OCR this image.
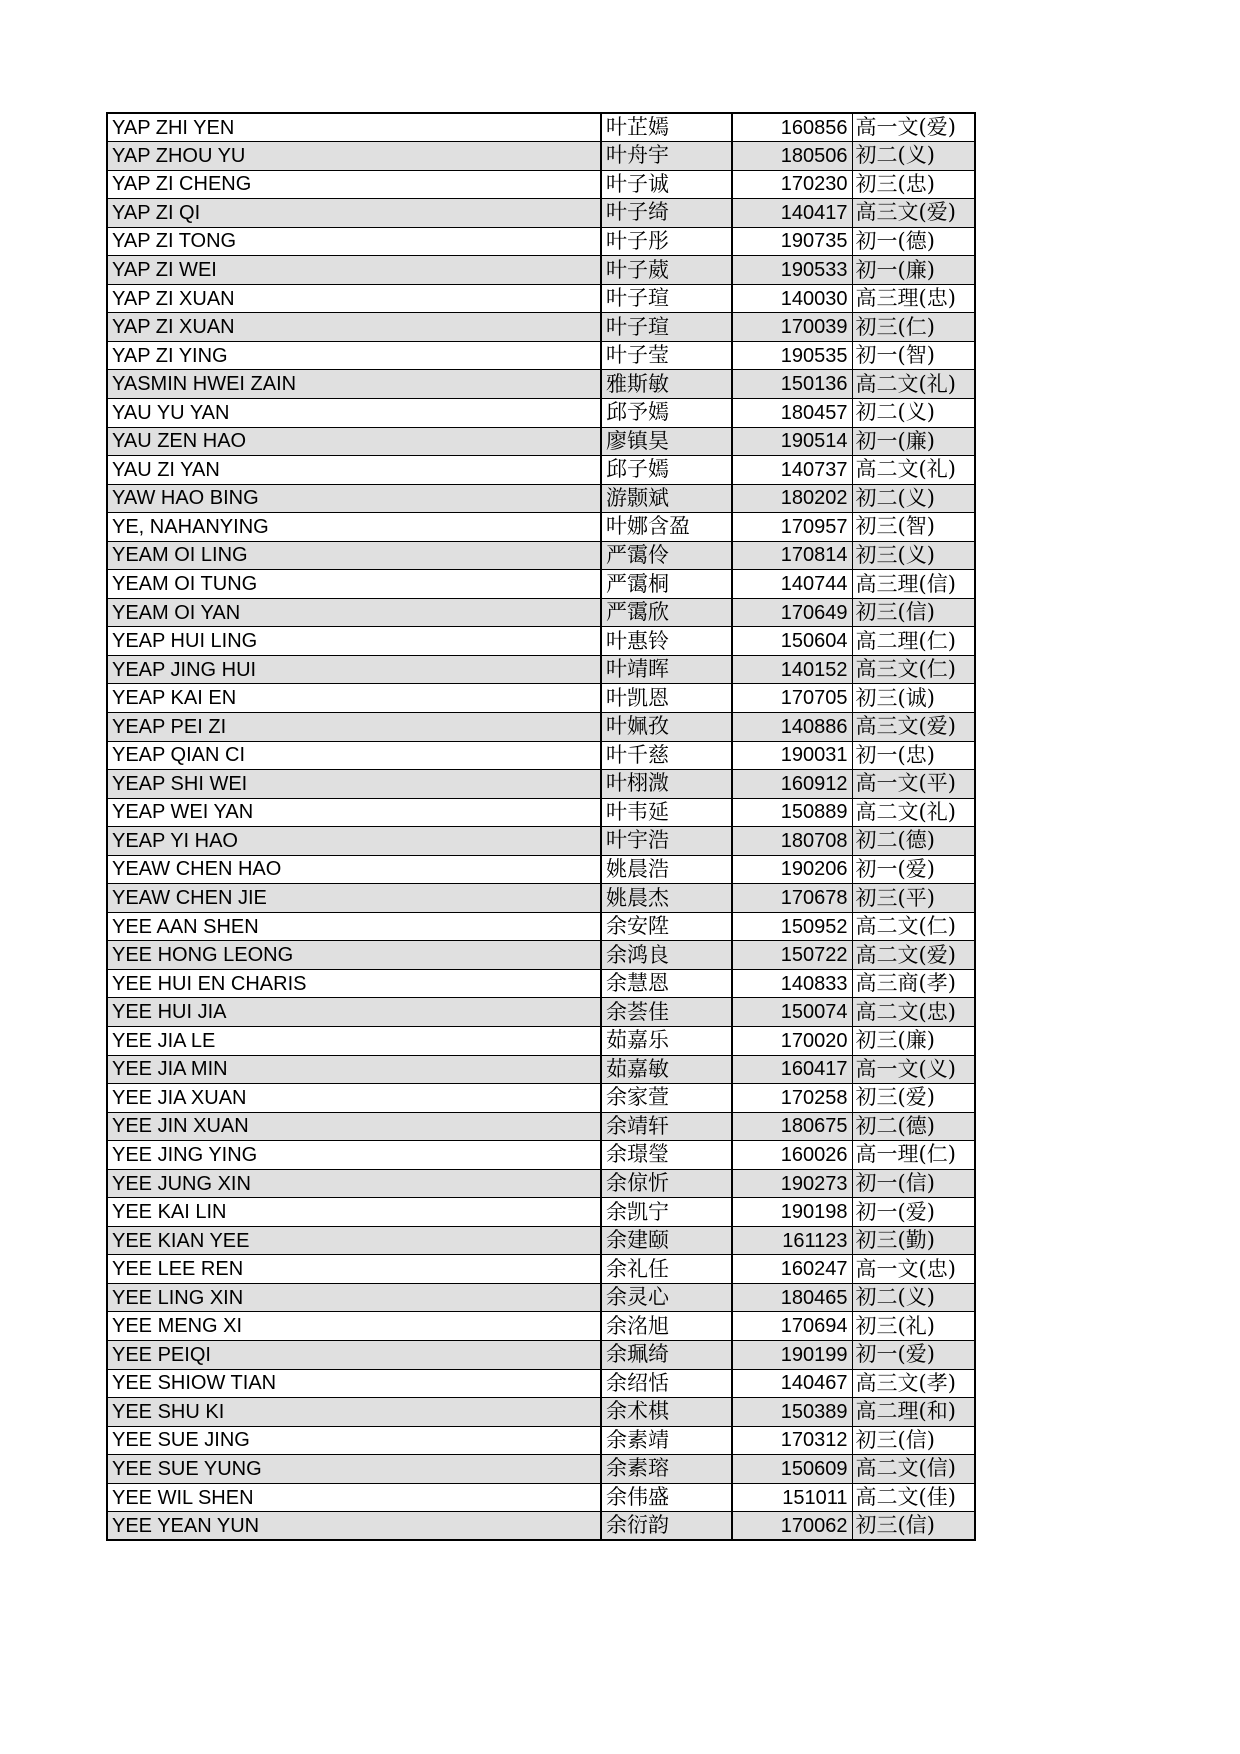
YAP ZHI YEN	叶芷嫣	160856	高一文(爱)
YAP ZHOU YU	叶舟宇	180506	初二(义)
YAP ZI CHENG	叶子诚	170230	初三(忠)
YAP ZI QI	叶子绮	140417	高三文(爱)
YAP ZI TONG	叶子彤	190735	初一(德)
YAP ZI WEI	叶子葳	190533	初一(廉)
YAP ZI XUAN	叶子瑄	140030	高三理(忠)
YAP ZI XUAN	叶子瑄	170039	初三(仁)
YAP ZI YING	叶子莹	190535	初一(智)
YASMIN HWEI ZAIN	雅斯敏	150136	高二文(礼)
YAU YU YAN	邱予嫣	180457	初二(义)
YAU ZEN HAO	廖镇昊	190514	初一(廉)
YAU ZI YAN	邱子嫣	140737	高二文(礼)
YAW HAO BING	游颢斌	180202	初二(义)
YE, NAHANYING	叶娜含盈	170957	初三(智)
YEAM OI LING	严霭伶	170814	初三(义)
YEAM OI TUNG	严霭桐	140744	高三理(信)
YEAM OI YAN	严霭欣	170649	初三(信)
YEAP HUI LING	叶惠铃	150604	高二理(仁)
YEAP JING HUI	叶靖晖	140152	高三文(仁)
YEAP KAI EN	叶凯恩	170705	初三(诚)
YEAP PEI ZI	叶姵孜	140886	高三文(爱)
YEAP QIAN CI	叶千慈	190031	初一(忠)
YEAP SHI WEI	叶栩溦	160912	高一文(平)
YEAP WEI YAN	叶韦延	150889	高二文(礼)
YEAP YI HAO	叶宇浩	180708	初二(德)
YEAW CHEN HAO	姚晨浩	190206	初一(爱)
YEAW CHEN JIE	姚晨杰	170678	初三(平)
YEE AAN SHEN	余安陞	150952	高二文(仁)
YEE HONG LEONG	余鸿良	150722	高二文(爱)
YEE HUI EN CHARIS	余慧恩	140833	高三商(孝)
YEE HUI JIA	余荟佳	150074	高二文(忠)
YEE JIA LE	茹嘉乐	170020	初三(廉)
YEE JIA MIN	茹嘉敏	160417	高一文(义)
YEE JIA XUAN	余家萱	170258	初三(爱)
YEE JIN XUAN	余靖轩	180675	初二(德)
YEE JING YING	余璟瑩	160026	高一理(仁)
YEE JUNG XIN	余倞忻	190273	初一(信)
YEE KAI LIN	余凯宁	190198	初一(爱)
YEE KIAN YEE	余建颐	161123	初三(勤)
YEE LEE REN	余礼任	160247	高一文(忠)
YEE LING XIN	余灵心	180465	初二(义)
YEE MENG XI	余洺旭	170694	初三(礼)
YEE PEIQI	余珮绮	190199	初一(爱)
YEE SHIOW TIAN	余绍恬	140467	高三文(孝)
YEE SHU KI	余术棋	150389	高二理(和)
YEE SUE JING	余素靖	170312	初三(信)
YEE SUE YUNG	余素瑢	150609	高二文(信)
YEE WIL SHEN	余伟盛	151011	高二文(佳)
YEE YEAN YUN	余衍韵	170062	初三(信)
